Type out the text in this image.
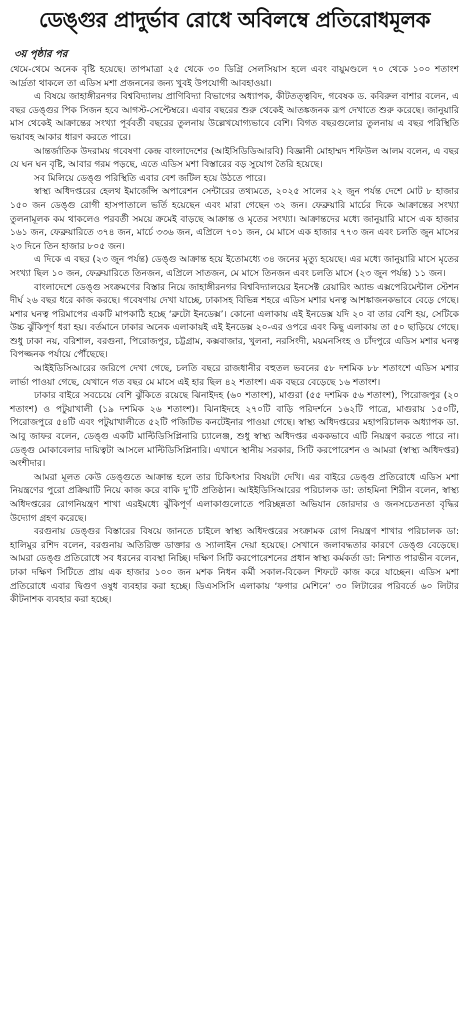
ডেঙ্গুর প্রাদুর্ভাব রোধে অবিলম্বে প্রতিরোধমূলক
৩য় পৃষ্ঠার পর

থেমে-থেমে অনেক বৃষ্টি হয়েছে। তাপমাত্রা ২৫ থেকে ৩০ ডিগ্রি সেলসিয়াস হলে এবং বায়ুমণ্ডলে ৭০ থেকে ১০০ শতাংশ আর্দ্রতা থাকলে তা এডিস মশা প্রজননের জন্য খুবই উপযোগী আবহাওয়া।

এ বিষয়ে জাহাঙ্গীরনগর বিশ্ববিদ্যালয় প্রাণিবিদ্যা বিভাগের অধ্যাপক, কীটতত্ত্ববিদ, গবেষক ড. কবিরুল বাশার বলেন, এ বছর ডেঙ্গুর পিক সিজন হবে আগস্ট-সেপ্টেম্বরে। এবার বছরের শুরু থেকেই আতঙ্কজনক রূপ দেখাতে শুরু করেছে। জানুয়ারি মাস থেকেই আক্রান্তের সংখ্যা পূর্ববর্তী বছরের তুলনায় উল্লেখযোগ্যভাবে বেশি। বিগত বছরগুলোর তুলনায় এ বছর পরিস্থিতি ভয়াবহ আকার ধারণ করতে পারে।

আন্তর্জাতিক উদরাময় গবেষণা কেন্দ্র বাংলাদেশের (আইসিডিডিআরবি) বিজ্ঞানী মোহাম্মদ শফিউল আলম বলেন, এ বছর যে ঘন ঘন বৃষ্টি, আবার গরম পড়ছে, এতে এডিস মশা বিস্তারের বড় সুযোগ তৈরি হয়েছে।

সব মিলিয়ে ডেঙ্গু পরিস্থিতি এবার বেশ জটিল হয়ে উঠতে পারে।

স্বাস্থ্য অধিদপ্তরের হেলথ ইমার্জেন্সি অপারেশন সেন্টারের তথ্যমতে, ২০২৫ সালের ২২ জুন পর্যন্ত দেশে মোট ৮ হাজার ১৫০ জন ডেঙ্গু রোগী হাসপাতালে ভর্তি হয়েছেন এবং মারা গেছেন ৩২ জন। ফেব্রুয়ারি মার্চের দিকে আক্রান্তের সংখ্যা তুলনামূলক কম থাকলেও পরবর্তী সময়ে ক্রমেই বাড়ছে আক্রান্ত ও মৃতের সংখ্যা। আক্রান্তদের মধ্যে জানুয়ারি মাসে এক হাজার ১৬১ জন, ফেব্রুয়ারিতে ৩৭৪ জন, মার্চে ৩৩৬ জন, এপ্রিলে ৭০১ জন, মে মাসে এক হাজার ৭৭৩ জন এবং চলতি জুন মাসের ২৩ দিনে তিন হাজার ৮০৫ জন।

এ দিকে এ বছর (২৩ জুন পর্যন্ত) ডেঙ্গু আক্রান্ত হয়ে ইতোমধ্যে ৩৪ জনের মৃত্যু হয়েছে। এর মধ্যে জানুয়ারি মাসে মৃতের সংখ্যা ছিল ১০ জন, ফেব্রুয়ারিতে তিনজন, এপ্রিলে সাতজন, মে মাসে তিনজন এবং চলতি মাসে (২৩ জুন পর্যন্ত) ১১ জন।

বাংলাদেশে ডেঙ্গু সংক্রমণের বিস্তার নিয়ে জাহাঙ্গীরনগর বিশ্ববিদ্যালয়ের ইনসেক্ট রেয়ারিং অ্যান্ড এক্সপেরিমেন্টাল স্টেশন দীর্ঘ ২৬ বছর ধরে কাজ করছে। গবেষণায় দেখা যাচ্ছে, ঢাকাসহ বিভিন্ন শহরে এডিস মশার ঘনত্ব আশঙ্কাজনকভাবে বেড়ে গেছে। মশার ঘনত্ব পরিমাপের একটি মাপকাঠি হচ্ছে ‘ব্রুটো ইনডেক্স’। কোনো এলাকায় এই ইনডেক্স যদি ২০ বা তার বেশি হয়, সেটিকে উচ্চ ঝুঁকিপূর্ণ ধরা হয়। বর্তমানে ঢাকার অনেক এলাকায়ই এই ইনডেক্স ২০-এর ওপরে এবং কিছু এলাকায় তা ৫০ ছাড়িয়ে গেছে। শুধু ঢাকা নয়, বরিশাল, বরগুনা, পিরোজপুর, চট্টগ্রাম, কক্সবাজার, খুলনা, নরসিংদী, ময়মনসিংহ ও চাঁদপুরে এডিস মশার ঘনত্ব বিপজ্জনক পর্যায়ে পৌঁছেছে।

আইইডিসিআরের জরিপে দেখা গেছে, চলতি বছরে রাজধানীর বহুতল ভবনের ৫৮ দশমিক ৮৮ শতাংশে এডিস মশার লার্ভা পাওয়া গেছে, যেখানে গত বছর মে মাসে এই হার ছিল ৪২ শতাংশ। এক বছরে বেড়েছে ১৬ শতাংশ।

ঢাকার বাইরে সবচেয়ে বেশি ঝুঁকিতে রয়েছে ঝিনাইদহ (৬০ শতাংশ), মাগুরা (৫৫ দশমিক ৫৬ শতাংশ), পিরোজপুর (২০ শতাংশ) ও পটুয়াখালী (১৯ দশমিক ২৬ শতাংশ)। ঝিনাইদহে ২৭০টি বাড়ি পরিদর্শনে ১৬২টি পাত্রে, মাগুরায় ১৫০টি, পিরোজপুরে ৫৪টি এবং পটুয়াখালীতে ৫২টি পজিটিভ কনটেইনার পাওয়া গেছে। স্বাস্থ্য অধিদপ্তরের মহাপরিচালক অধ্যাপক ডা. আবু জাফর বলেন, ডেঙ্গু একটি মাল্টিডিসিপ্লিনারি চ্যালেঞ্জ, শুধু স্বাস্থ্য অধিদপ্তর এককভাবে এটি নিয়ন্ত্রণ করতে পারে না। ডেঙ্গু মোকাবেলার দায়িত্বটা আসলে মাল্টিডিসিপ্লিনারি। এখানে স্থানীয় সরকার, সিটি করপোরেশন ও আমরা (স্বাস্থ্য অধিদপ্তর) অংশীদার।

আমরা মূলত কেউ ডেঙ্গুতে আক্রান্ত হলে তার চিকিৎসার বিষয়টা দেখি। এর বাইরে ডেঙ্গু প্রতিরোধে এডিস মশা নিয়ন্ত্রণের পুরো প্রক্রিয়াটি নিয়ে কাজ করে বাকি দু’টি প্রতিষ্ঠান। আইইডিসিআরের পরিচালক ডা: তাহমিনা শিরীন বলেন, স্বাস্থ্য অধিদপ্তরের রোগনিয়ন্ত্রণ শাখা এরইমধ্যে ঝুঁকিপূর্ণ এলাকাগুলোতে পরিচ্ছন্নতা অভিযান জোরদার ও জনসচেতনতা বৃদ্ধির উদ্যোগ গ্রহণ করেছে।

বরগুনায় ডেঙ্গুর বিস্তারের বিষয়ে জানতে চাইলে স্বাস্থ্য অধিদপ্তরের সংক্রামক রোগ নিয়ন্ত্রণ শাখার পরিচালক ডা: হালিমুর রশিদ বলেন, বরগুনায় অতিরিক্ত ডাক্তার ও স্যালাইন দেয়া হয়েছে। সেখানে জলাবদ্ধতার কারণে ডেঙ্গু বেড়েছে। আমরা ডেঙ্গু প্রতিরোধে সব ধরনের ব্যবস্থা নিচ্ছি। দক্ষিণ সিটি করপোরেশনের প্রধান স্বাস্থ্য কর্মকর্তা ডা: নিশাত পারভীন বলেন, ঢাকা দক্ষিণ সিটিতে প্রায় এক হাজার ১০০ জন মশক নিধন কর্মী সকাল-বিকেল শিফটে কাজ করে যাচ্ছেন। এডিস মশা প্রতিরোধে এবার দ্বিগুণ ওষুধ ব্যবহার করা হচ্ছে। ডিএসসিসি এলাকায় ‘ফগার মেশিনে’ ৩০ লিটারের পরিবর্তে ৬০ লিটার কীটনাশক ব্যবহার করা হচ্ছে।
